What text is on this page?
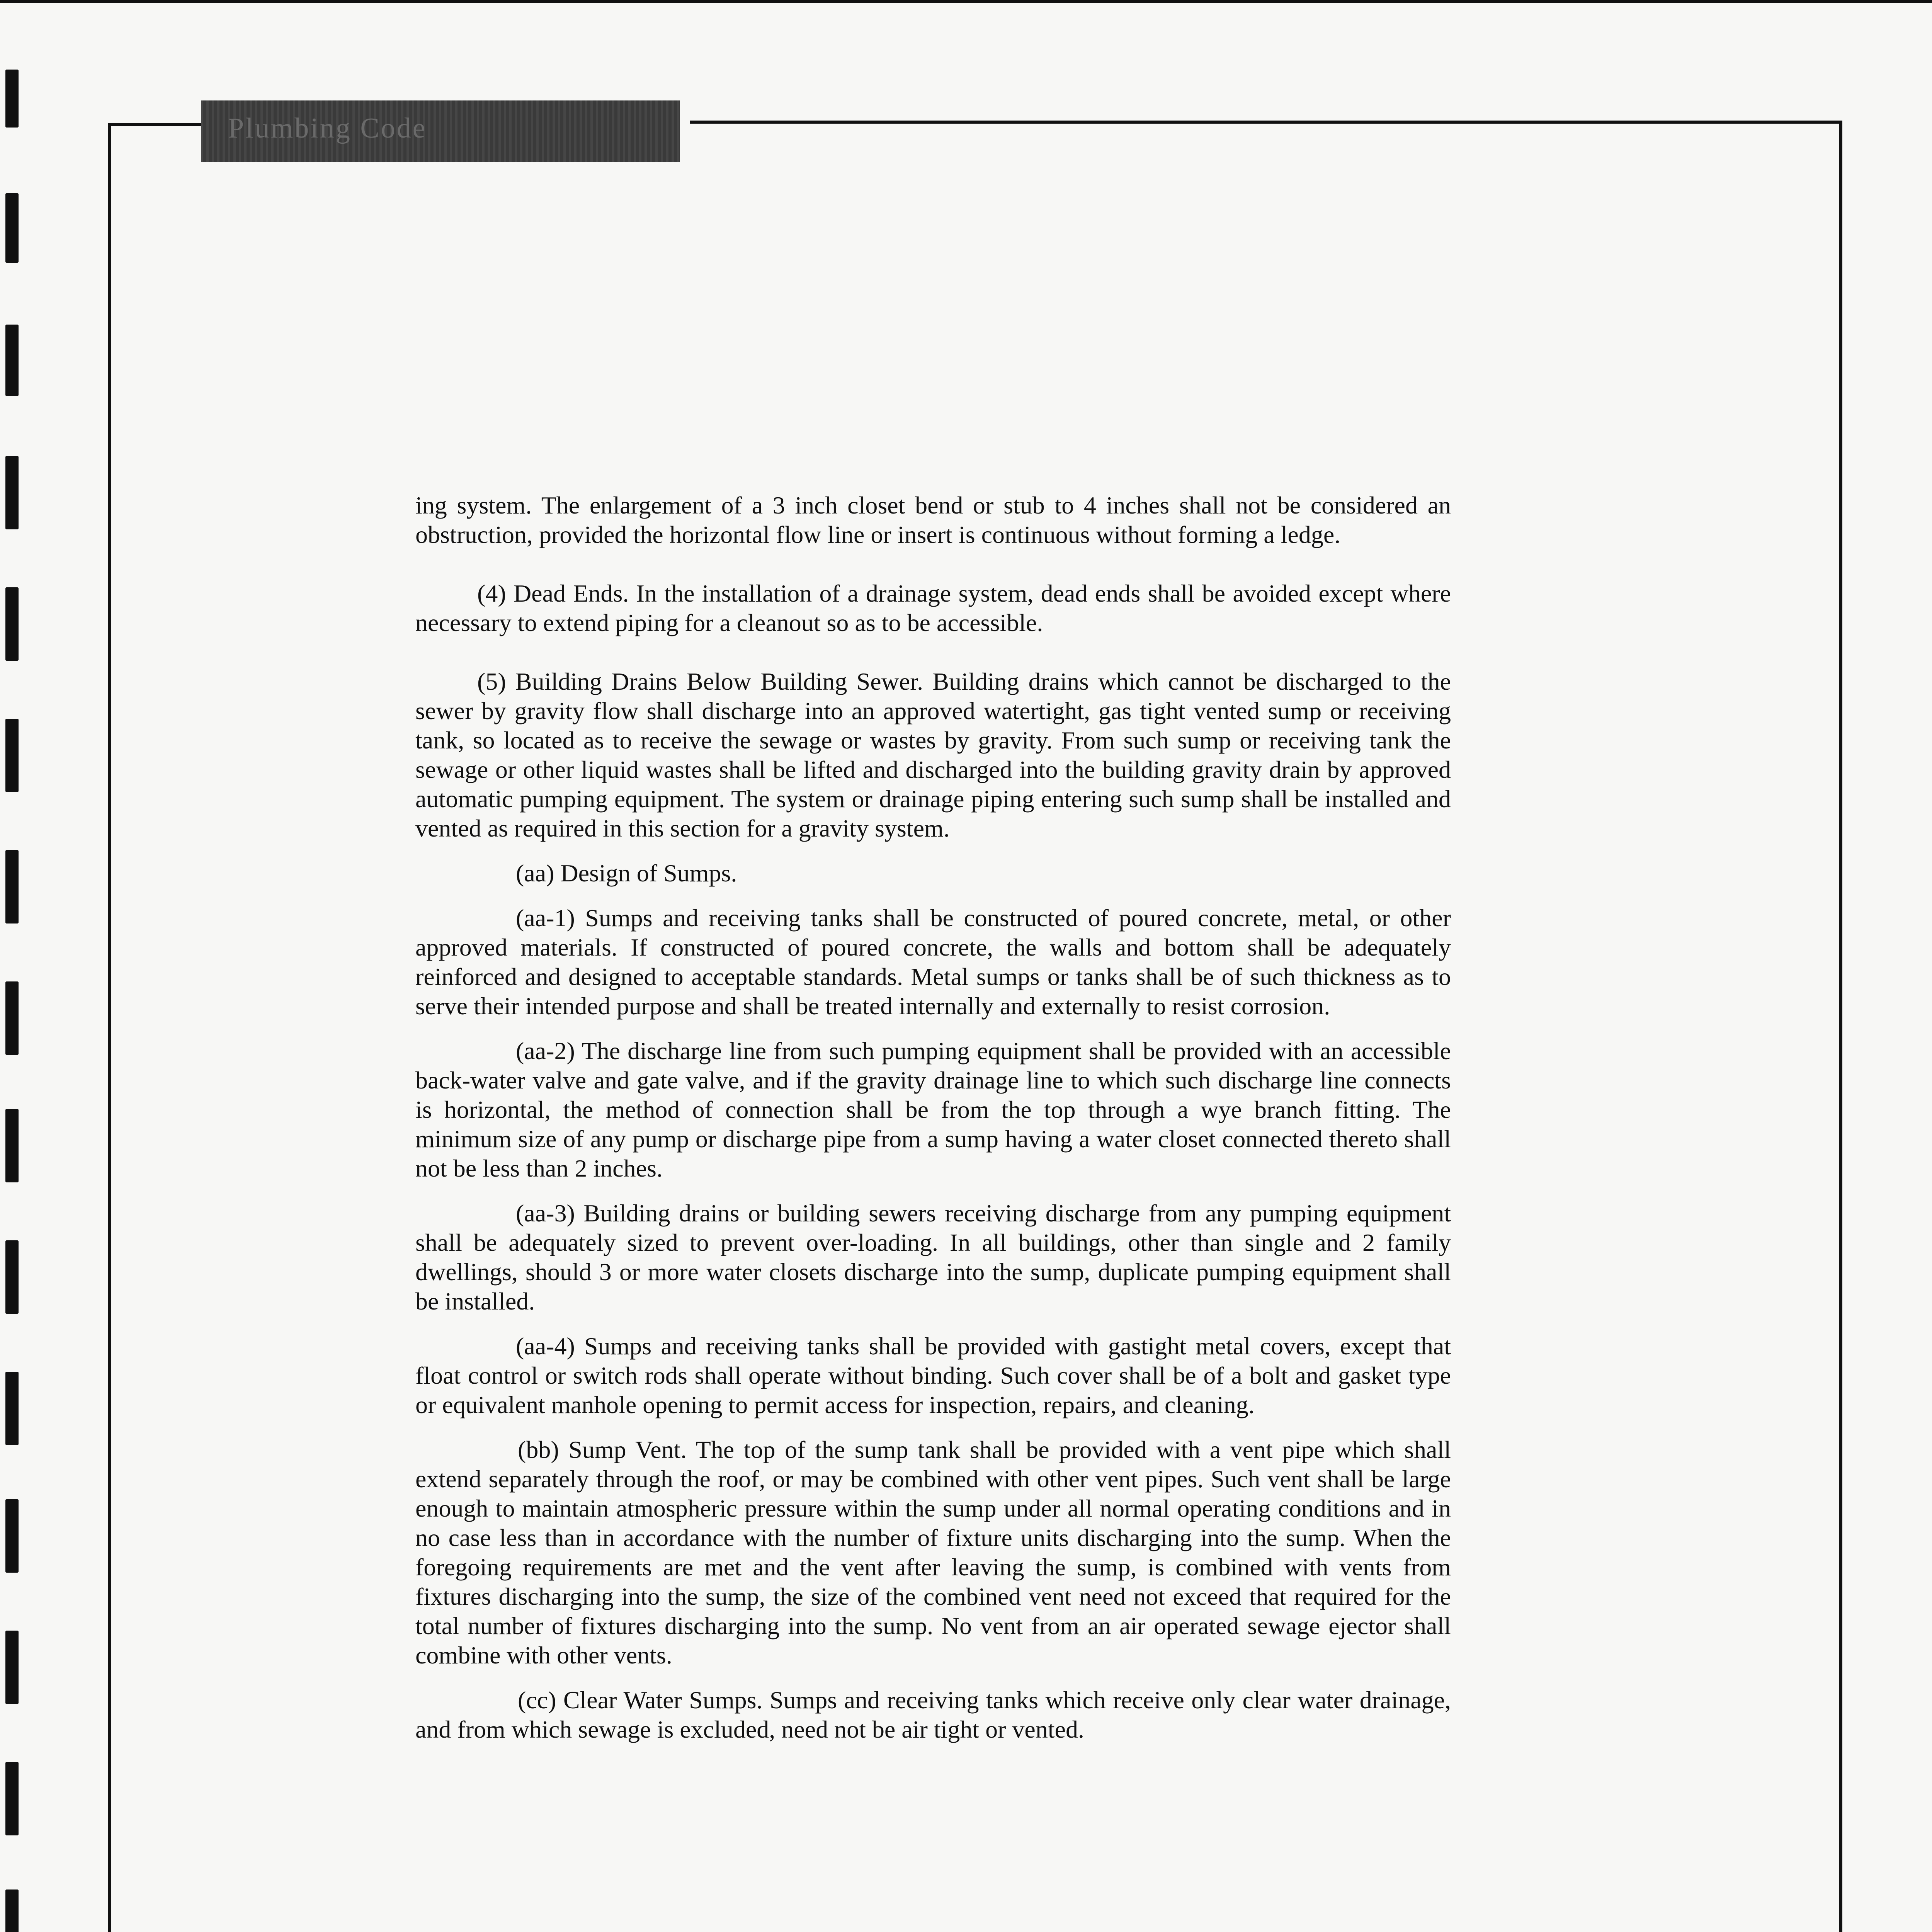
Plumbing Code

ing system. The enlargement of a 3 inch closet bend or stub to 4 inches shall not be considered an obstruction, provided the horizontal flow line or insert is continuous without forming a ledge.

(4) Dead Ends. In the installation of a drainage system, dead ends shall be avoided except where necessary to extend piping for a cleanout so as to be accessible.

(5) Building Drains Below Building Sewer. Building drains which cannot be discharged to the sewer by gravity flow shall discharge into an approved watertight, gas tight vented sump or receiving tank, so located as to receive the sewage or wastes by gravity. From such sump or receiving tank the sewage or other liquid wastes shall be lifted and discharged into the building gravity drain by approved automatic pumping equipment. The system or drainage piping entering such sump shall be installed and vented as required in this section for a gravity system.

(aa) Design of Sumps.

(aa-1) Sumps and receiving tanks shall be constructed of poured concrete, metal, or other approved materials. If constructed of poured concrete, the walls and bottom shall be adequately reinforced and designed to acceptable standards. Metal sumps or tanks shall be of such thickness as to serve their intended purpose and shall be treated internally and externally to resist corrosion.

(aa-2) The discharge line from such pumping equipment shall be provided with an accessible back-water valve and gate valve, and if the gravity drainage line to which such discharge line connects is horizontal, the method of connection shall be from the top through a wye branch fitting. The minimum size of any pump or discharge pipe from a sump having a water closet connected thereto shall not be less than 2 inches.

(aa-3) Building drains or building sewers receiving discharge from any pumping equipment shall be adequately sized to prevent over-loading. In all buildings, other than single and 2 family dwellings, should 3 or more water closets discharge into the sump, duplicate pumping equipment shall be installed.

(aa-4) Sumps and receiving tanks shall be provided with gastight metal covers, except that float control or switch rods shall operate without binding. Such cover shall be of a bolt and gasket type or equivalent manhole opening to permit access for inspection, repairs, and cleaning.

(bb) Sump Vent. The top of the sump tank shall be provided with a vent pipe which shall extend separately through the roof, or may be combined with other vent pipes. Such vent shall be large enough to maintain atmospheric pressure within the sump under all normal operating conditions and in no case less than in accordance with the number of fixture units discharging into the sump. When the foregoing requirements are met and the vent after leaving the sump, is combined with vents from fixtures discharging into the sump, the size of the combined vent need not exceed that required for the total number of fixtures discharging into the sump. No vent from an air operated sewage ejector shall combine with other vents.

(cc) Clear Water Sumps. Sumps and receiving tanks which receive only clear water drainage, and from which sewage is excluded, need not be air tight or vented.
